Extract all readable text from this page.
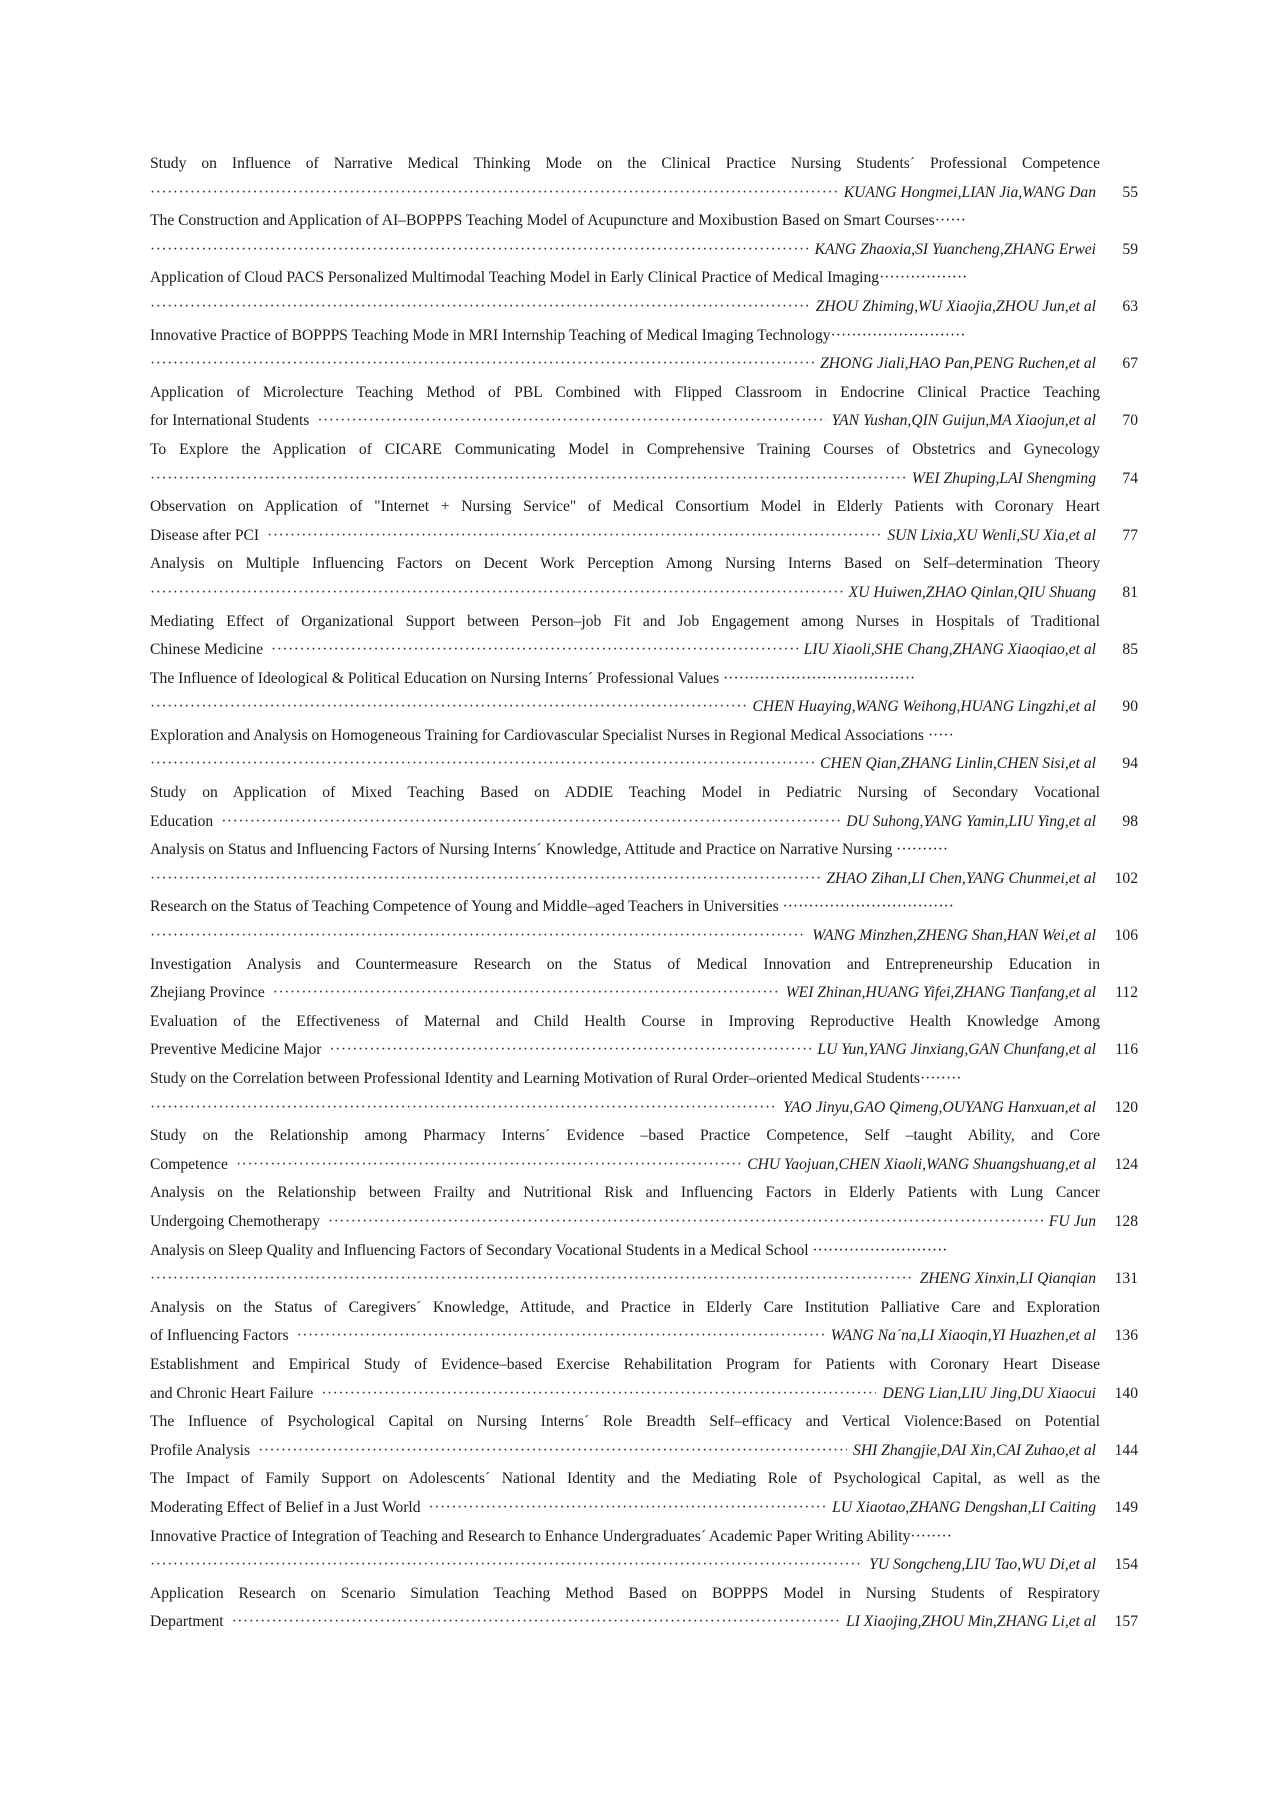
Study on Influence of Narrative Medical Thinking Mode on the Clinical Practice Nursing Students´ Professional Competence
·····
KUANG Hongmei,LIAN Jia,WANG Dan	55
The Construction and Application of AI–BOPPPS Teaching Model of Acupuncture and Moxibustion Based on Smart Courses······
·····
KANG Zhaoxia,SI Yuancheng,ZHANG Erwei	59
Application of Cloud PACS Personalized Multimodal Teaching Model in Early Clinical Practice of Medical Imaging·················
·····
ZHOU Zhiming,WU Xiaojia,ZHOU Jun,et al	63
Innovative Practice of BOPPPS Teaching Mode in MRI Internship Teaching of Medical Imaging Technology··························
·····
ZHONG Jiali,HAO Pan,PENG Ruchen,et al	67
Application of Microlecture Teaching Method of PBL Combined with Flipped Classroom in Endocrine Clinical Practice Teaching
for International Students ·····	YAN Yushan,QIN Guijun,MA Xiaojun,et al	70
To Explore the Application of CICARE Communicating Model in Comprehensive Training Courses of Obstetrics and Gynecology
·····
WEI Zhuping,LAI Shengming	74
Observation on Application of "Internet + Nursing Service" of Medical Consortium Model in Elderly Patients with Coronary Heart
Disease after PCI ·····	SUN Lixia,XU Wenli,SU Xia,et al	77
Analysis on Multiple Influencing Factors on Decent Work Perception Among Nursing Interns Based on Self–determination Theory
·····
XU Huiwen,ZHAO Qinlan,QIU Shuang	81
Mediating Effect of Organizational Support between Person–job Fit and Job Engagement among Nurses in Hospitals of Traditional
Chinese Medicine ·····	LIU Xiaoli,SHE Chang,ZHANG Xiaoqiao,et al	85
The Influence of Ideological & Political Education on Nursing Interns´ Professional Values ·····································
·····
CHEN Huaying,WANG Weihong,HUANG Lingzhi,et al	90
Exploration and Analysis on Homogeneous Training for Cardiovascular Specialist Nurses in Regional Medical Associations ·····
·····
CHEN Qian,ZHANG Linlin,CHEN Sisi,et al	94
Study on Application of Mixed Teaching Based on ADDIE Teaching Model in Pediatric Nursing of Secondary Vocational
Education ·····	DU Suhong,YANG Yamin,LIU Ying,et al	98
Analysis on Status and Influencing Factors of Nursing Interns´ Knowledge, Attitude and Practice on Narrative Nursing ··········
·····
ZHAO Zihan,LI Chen,YANG Chunmei,et al	102
Research on the Status of Teaching Competence of Young and Middle–aged Teachers in Universities ·································
·····
WANG Minzhen,ZHENG Shan,HAN Wei,et al	106
Investigation Analysis and Countermeasure Research on the Status of Medical Innovation and Entrepreneurship Education in
Zhejiang Province ·····	WEI Zhinan,HUANG Yifei,ZHANG Tianfang,et al	112
Evaluation of the Effectiveness of Maternal and Child Health Course in Improving Reproductive Health Knowledge Among
Preventive Medicine Major ·····	LU Yun,YANG Jinxiang,GAN Chunfang,et al	116
Study on the Correlation between Professional Identity and Learning Motivation of Rural Order–oriented Medical Students········
·····
YAO Jinyu,GAO Qimeng,OUYANG Hanxuan,et al	120
Study on the Relationship among Pharmacy Interns´ Evidence –based Practice Competence, Self –taught Ability, and Core
Competence ·····	CHU Yaojuan,CHEN Xiaoli,WANG Shuangshuang,et al	124
Analysis on the Relationship between Frailty and Nutritional Risk and Influencing Factors in Elderly Patients with Lung Cancer
Undergoing Chemotherapy ·····	FU Jun	128
Analysis on Sleep Quality and Influencing Factors of Secondary Vocational Students in a Medical School ··························
·····
ZHENG Xinxin,LI Qianqian	131
Analysis on the Status of Caregivers´ Knowledge, Attitude, and Practice in Elderly Care Institution Palliative Care and Exploration
of Influencing Factors ·····	WANG Na´na,LI Xiaoqin,YI Huazhen,et al	136
Establishment and Empirical Study of Evidence–based Exercise Rehabilitation Program for Patients with Coronary Heart Disease
and Chronic Heart Failure ·····	DENG Lian,LIU Jing,DU Xiaocui	140
The Influence of Psychological Capital on Nursing Interns´ Role Breadth Self–efficacy and Vertical Violence:Based on Potential
Profile Analysis ·····	SHI Zhangjie,DAI Xin,CAI Zuhao,et al	144
The Impact of Family Support on Adolescents´ National Identity and the Mediating Role of Psychological Capital, as well as the
Moderating Effect of Belief in a Just World ·····	LU Xiaotao,ZHANG Dengshan,LI Caiting	149
Innovative Practice of Integration of Teaching and Research to Enhance Undergraduates´ Academic Paper Writing Ability········
·····
YU Songcheng,LIU Tao,WU Di,et al	154
Application Research on Scenario Simulation Teaching Method Based on BOPPPS Model in Nursing Students of Respiratory
Department ·····	LI Xiaojing,ZHOU Min,ZHANG Li,et al	157
